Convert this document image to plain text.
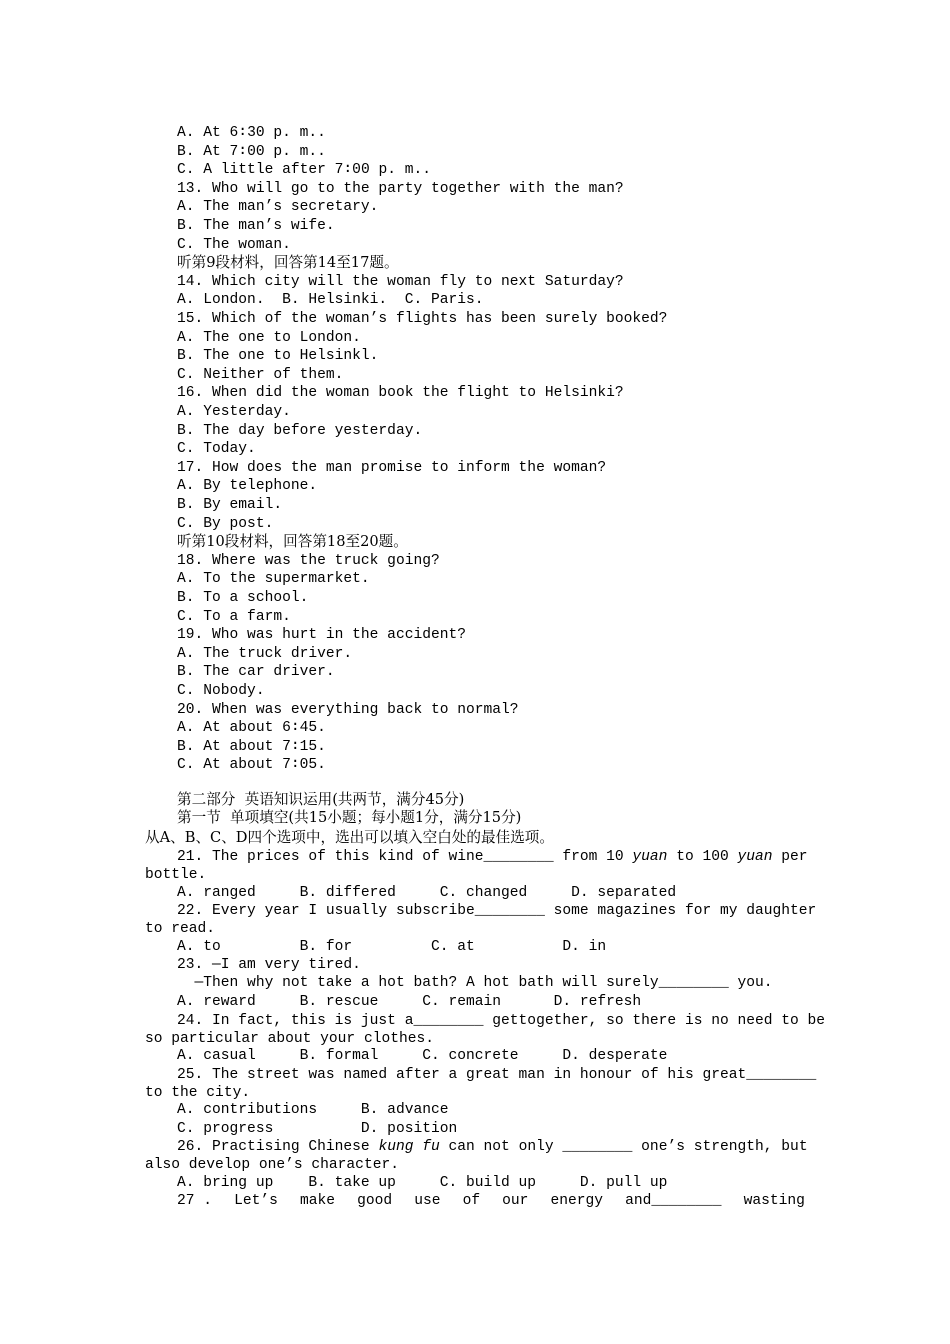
A. At 6∶30 p. m..
B. At 7∶00 p. m..
C. A little after 7∶00 p. m..
13. Who will go to the party together with the man?
A. The man’s secretary.
B. The man’s wife.
C. The woman.
听第9段材料，回答第14至17题。
14. Which city will the woman fly to next Saturday?
A. London.  B. Helsinki.  C. Paris.
15. Which of the woman’s flights has been surely booked?
A. The one to London.
B. The one to Helsinkl.
C. Neither of them.
16. When did the woman book the flight to Helsinki?
A. Yesterday.
B. The day before yesterday.
C. Today.
17. How does the man promise to inform the woman?
A. By telephone.
B. By email.
C. By post.
听第10段材料，回答第18至20题。
18. Where was the truck going?
A. To the supermarket.
B. To a school.
C. To a farm.
19. Who was hurt in the accident?
A. The truck driver.
B. The car driver.
C. Nobody.
20. When was everything back to normal?
A. At about 6∶45.
B. At about 7∶15.
C. At about 7∶05.
第二部分  英语知识运用(共两节，满分45分)
第一节  单项填空(共15小题；每小题1分，满分15分)
从A、B、C、D四个选项中，选出可以填入空白处的最佳选项。
21. The prices of this kind of wine________ from 10 yuan to 100 yuan per
bottle.
A. ranged     B. differed     C. changed     D. separated
22. Every year I usually subscribe________ some magazines for my daughter
to read.
A. to         B. for         C. at          D. in
23. —I am very tired.
—Then why not take a hot bath? A hot bath will surely________ you.
A. reward     B. rescue     C. remain      D. refresh
24. In fact, this is just a________ gettogether, so there is no need to be
so particular about your clothes.
A. casual     B. formal     C. concrete     D. desperate
25. The street was named after a great man in honour of his great________
to the city.
A. contributions     B. advance
C. progress          D. position
26. Practising Chinese kung fu can not only ________ one’s strength, but
also develop one’s character.
A. bring up    B. take up     C. build up     D. pull up
27 . Let’s make good use of our energy and________ wasting
